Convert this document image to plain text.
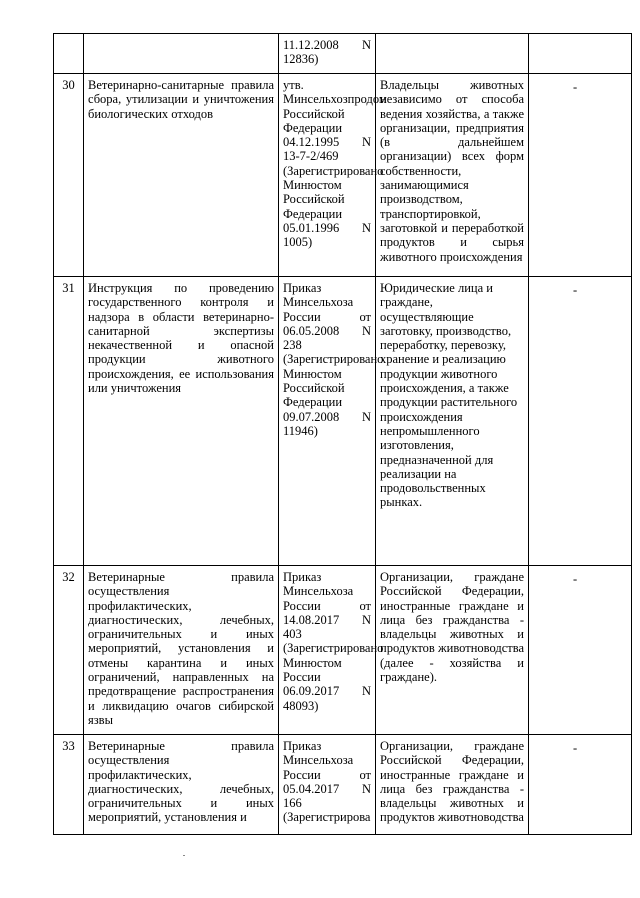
		11.12.2008 N 12836)		
30	Ветеринарно-санитарные правила сбора, утилизации и уничтожения биологических отходов	утв. Минсельхозпродом Российской Федерации 04.12.1995 N 13-7-2/469 (Зарегистрировано Минюстом Российской Федерации 05.01.1996 N 1005)	Владельцы животных независимо от способа ведения хозяйства, а также организации, предприятия (в дальнейшем организации) всех форм собственности, занимающимися производством, транспортировкой, заготовкой и переработкой продуктов и сырья животного происхождения	-
31	Инструкция по проведению государственного контроля и надзора в области ветеринарно-санитарной экспертизы некачественной и опасной продукции животного происхождения, ее использования или уничтожения	Приказ Минсельхоза России от 06.05.2008 N 238 (Зарегистрировано Минюстом Российской Федерации 09.07.2008 N 11946)	Юридические лица и граждане, осуществляющие заготовку, производство, переработку, перевозку, хранение и реализацию продукции животного происхождения, а также продукции растительного происхождения непромышленного изготовления, предназначенной для реализации на продовольственных рынках.	-
32	Ветеринарные правила осуществления профилактических, диагностических, лечебных, ограничительных и иных мероприятий, установления и отмены карантина и иных ограничений, направленных на предотвращение распространения и ликвидацию очагов сибирской язвы	Приказ Минсельхоза России от 14.08.2017 N 403 (Зарегистрировано Минюстом России 06.09.2017 N 48093)	Организации, граждане Российской Федерации, иностранные граждане и лица без гражданства - владельцы животных и продуктов животноводства (далее - хозяйства и граждане).	-
33	Ветеринарные правила осуществления профилактических, диагностических, лечебных, ограничительных и иных мероприятий, установления и	Приказ Минсельхоза России от 05.04.2017 N 166 (Зарегистрирова	Организации, граждане Российской Федерации, иностранные граждане и лица без гражданства - владельцы животных и продуктов животноводства	-
